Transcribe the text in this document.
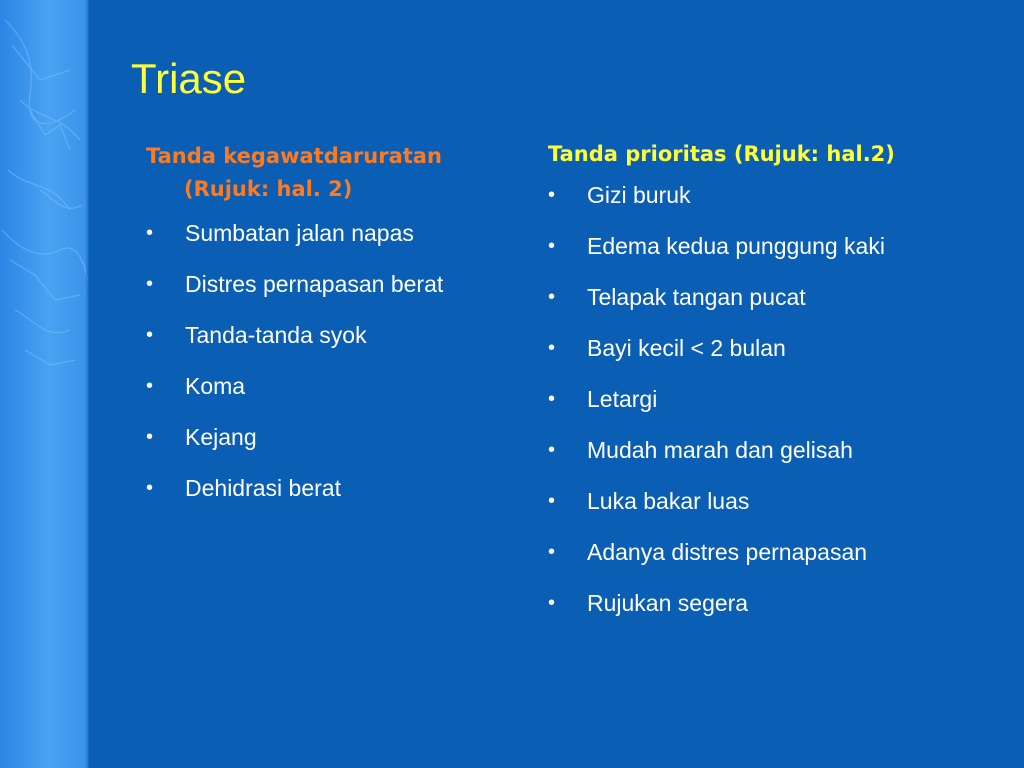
Triase
Tanda kegawatdaruratan
(Rujuk: hal. 2)
•	Sumbatan jalan napas
•	Distres pernapasan berat
•	Tanda-tanda syok
•	Koma
•	Kejang
•	Dehidrasi berat
Tanda prioritas (Rujuk: hal.2)
•	Gizi buruk
•	Edema kedua punggung kaki
•	Telapak tangan pucat
•	Bayi kecil < 2 bulan
•	Letargi
•	Mudah marah dan gelisah
•	Luka bakar luas
•	Adanya distres pernapasan
•	Rujukan segera
